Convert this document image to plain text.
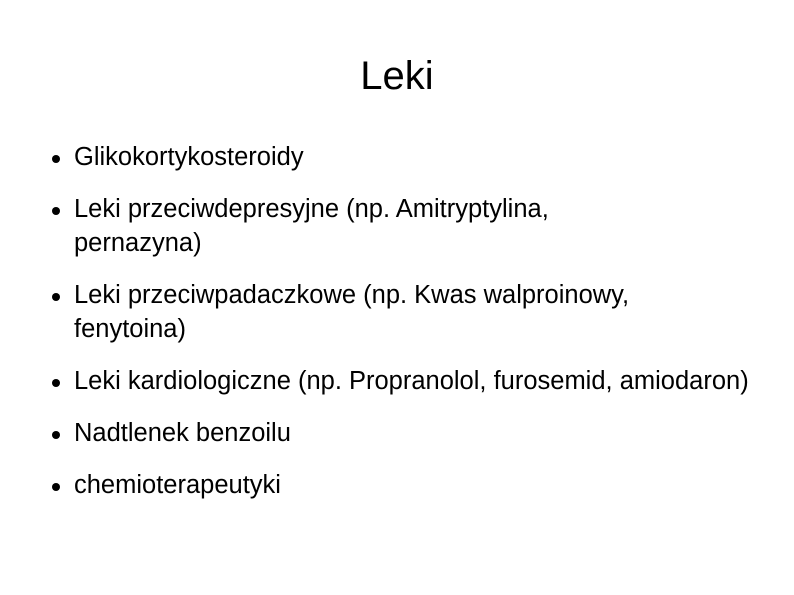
Leki
Glikokortykosteroidy
Leki przeciwdepresyjne (np. Amitryptylina, pernazyna)
Leki przeciwpadaczkowe (np. Kwas walproinowy, fenytoina)
Leki kardiologiczne (np. Propranolol, furosemid, amiodaron)
Nadtlenek benzoilu
chemioterapeutyki
